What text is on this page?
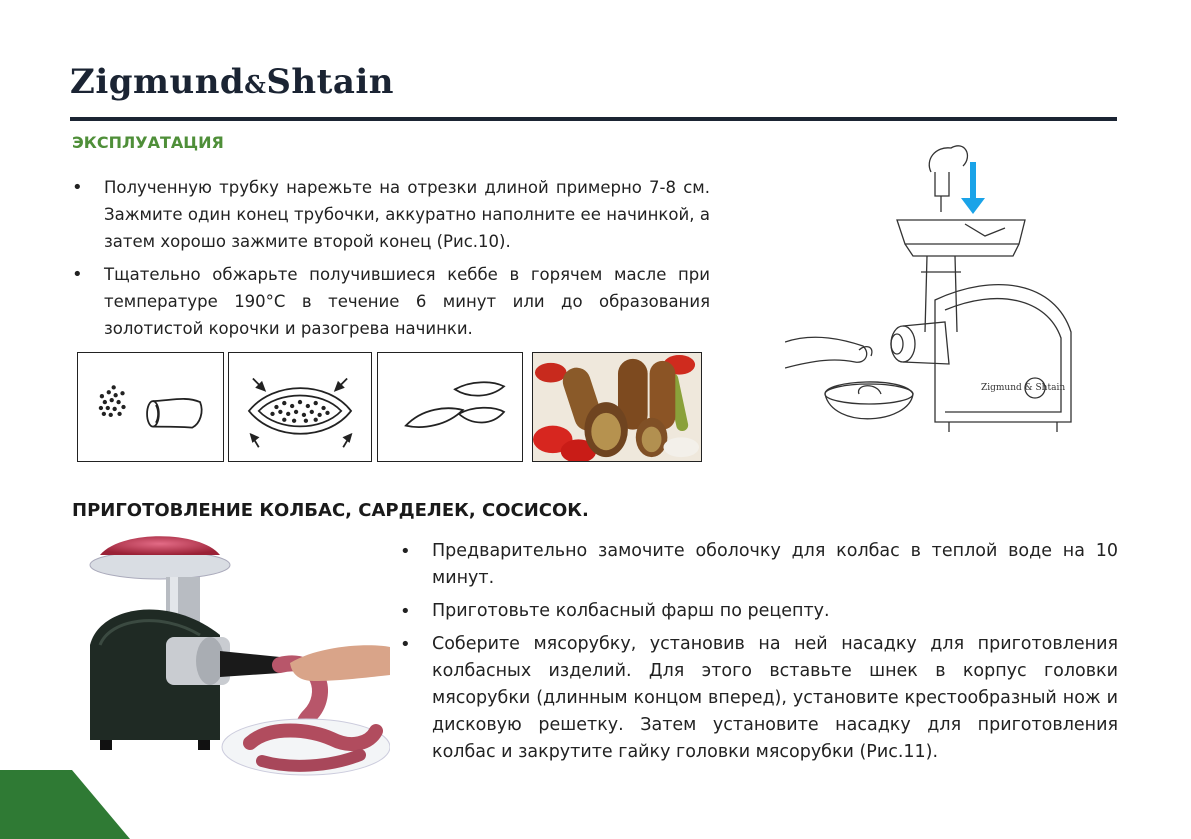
Zigmund&Shtain
ЭКСПЛУАТАЦИЯ
• Полученную трубку нарежьте на отрезки длиной примерно 7-8 см. Зажмите один конец трубочки, аккуратно наполните ее начинкой, а затем хорошо зажмите второй конец (Рис.10).
• Тщательно обжарьте получившиеся кеббе в горячем масле при температуре 190°C в течение 6 минут или до образования золотистой корочки и разогрева начинки.
Zigmund & Shtain
ПРИГОТОВЛЕНИЕ КОЛБАС, САРДЕЛЕК, СОСИСОК.
• Предварительно замочите оболочку для колбас в теплой воде на 10 минут.
• Приготовьте колбасный фарш по рецепту.
• Соберите мясорубку, установив на ней насадку для приготовления колбасных изделий. Для этого вставьте шнек в корпус головки мясорубки (длинным концом вперед), установите крестообразный нож и дисковую решетку. Затем установите насадку для приготовления колбас и закрутите гайку головки мясорубки (Рис.11).
